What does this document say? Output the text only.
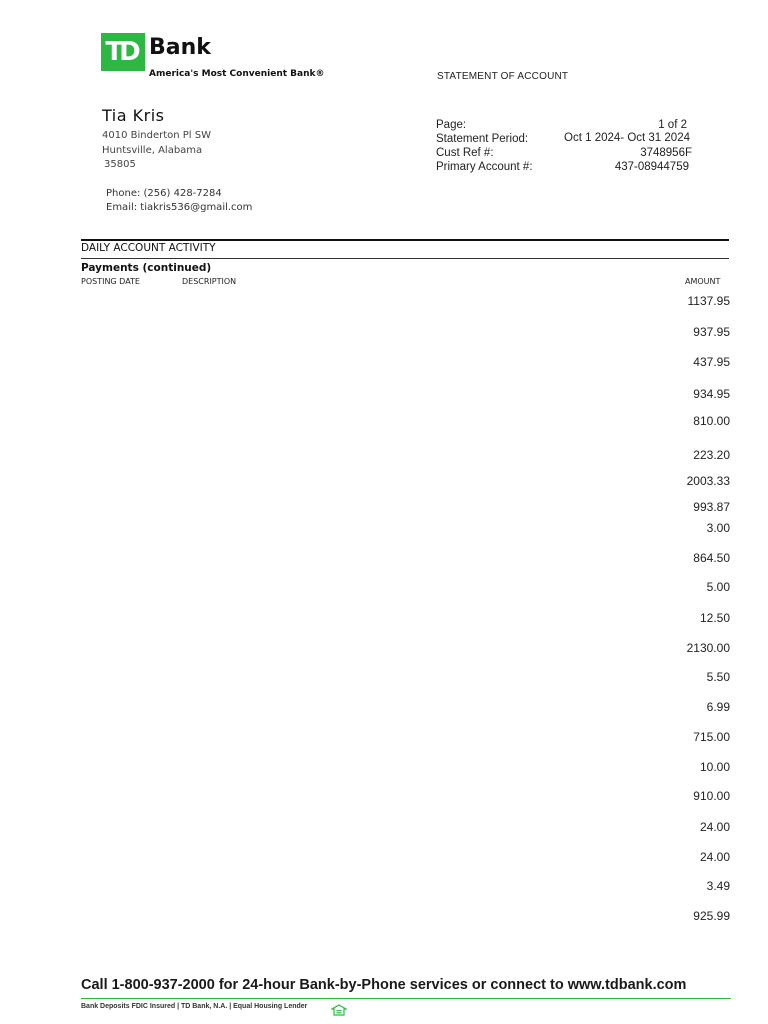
TD Bank
America's Most Convenient Bank®	STATEMENT OF ACCOUNT
Tia Kris
4010 Binderton Pl SW
Huntsville, Alabama
35805
Phone: (256) 428-7284
Email: tiakris536@gmail.com
Page:	1 of 2
Statement Period:	Oct 1 2024- Oct 31 2024
Cust Ref #:	3748956F
Primary Account #:	437-08944759
DAILY ACCOUNT ACTIVITY
Payments (continued)
POSTING DATE	DESCRIPTION	AMOUNT
1137.95
937.95
437.95
934.95
810.00
223.20
2003.33
993.87
3.00
864.50
5.00
12.50
2130.00
5.50
6.99
715.00
10.00
910.00
24.00
24.00
3.49
925.99
Call 1-800-937-2000 for 24-hour Bank-by-Phone services or connect to www.tdbank.com
Bank Deposits FDIC Insured | TD Bank, N.A. | Equal Housing Lender
